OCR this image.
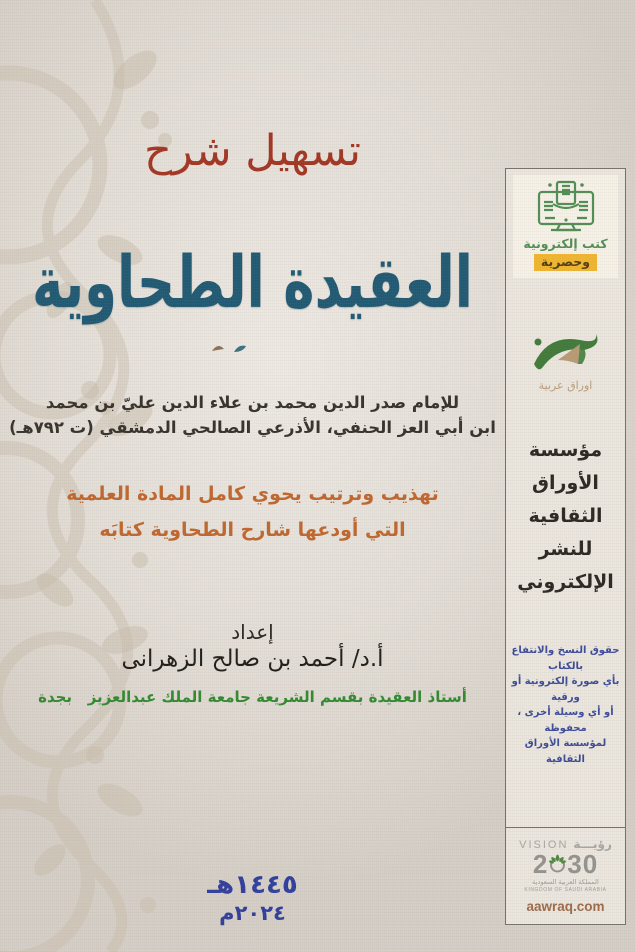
تسهيل شرح
العقيدة الطحاوية
للإمام صدر الدين محمد بن علاء الدين عليّ بن محمد
ابن أبي العز الحنفي، الأذرعي الصالحي الدمشقي (ت ٧٩٢هـ)
تهذيب وترتيب يحوي كامل المادة العلمية
التي أودعها شارح الطحاوية كتابَه
إعداد
أ.د/ أحمد بن صالح الزهرانى
أستاذ العقيدة بقسم الشريعة جامعة الملك عبدالعزيز   بجدة
١٤٤٥هـ
٢٠٢٤م
كتب إلكترونية
وحصرية
اوراق عربية
مؤسسة
الأوراق
الثقافية
للنشر
الإلكتروني
حقوق النسخ والانتفاع بالكتاب
بأي صورة إلكترونية أو ورقية
أو أي وسيلة أخرى ، محفوظة
لمؤسسة الأوراق الثقافية
VISION رؤيـــة
2 30
المملكة العربية السعودية
KINGDOM OF SAUDI ARABIA
aawraq.com
